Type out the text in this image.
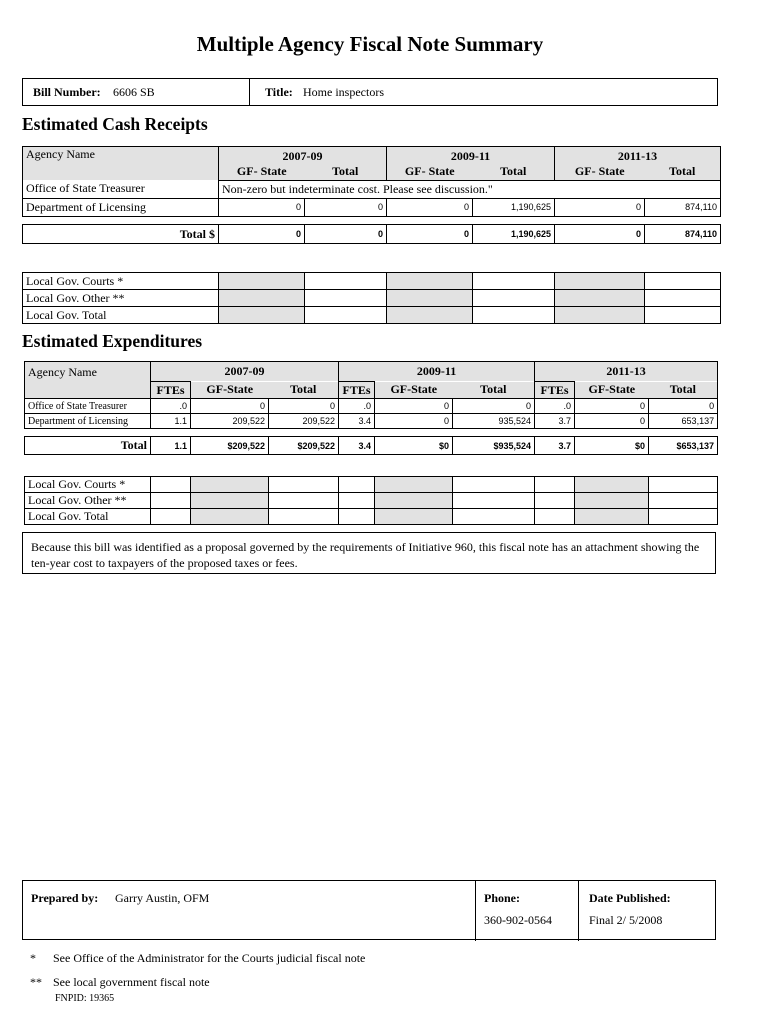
Multiple Agency Fiscal Note Summary
Bill Number: 6606 SB	Title: Home inspectors
Estimated Cash Receipts
Agency Name	2007-09		2009-11		2011-13	
	GF- State	Total	GF- State	Total	GF- State	Total
Office of State Treasurer	Non-zero but indeterminate cost. Please see discussion."					
Department of Licensing	0	0	0	1,190,625	0	874,110
Total $	0	0	0	1,190,625	0	874,110
Local Gov. Courts *						
Local Gov. Other **						
Local Gov. Total						
Estimated Expenditures
Agency Name	2007-09			2009-11			2011-13		
	FTEs	GF-State	Total	FTEs	GF-State	Total	FTEs	GF-State	Total
Office of State Treasurer	.0	0	0	.0	0	0	.0	0	0
Department of Licensing	1.1	209,522	209,522	3.4	0	935,524	3.7	0	653,137
Total	1.1	$209,522	$209,522	3.4	$0	$935,524	3.7	$0	$653,137
Local Gov. Courts *									
Local Gov. Other **									
Local Gov. Total									
Because this bill was identified as a proposal governed by the requirements of Initiative 960, this fiscal note has an attachment showing the ten-year cost to taxpayers of the proposed taxes or fees.
Prepared by: Garry Austin, OFM	Phone:
360-902-0564
Date Published:
Final 2/ 5/2008
* See Office of the Administrator for the Courts judicial fiscal note
** See local government fiscal note
FNPID: 19365
